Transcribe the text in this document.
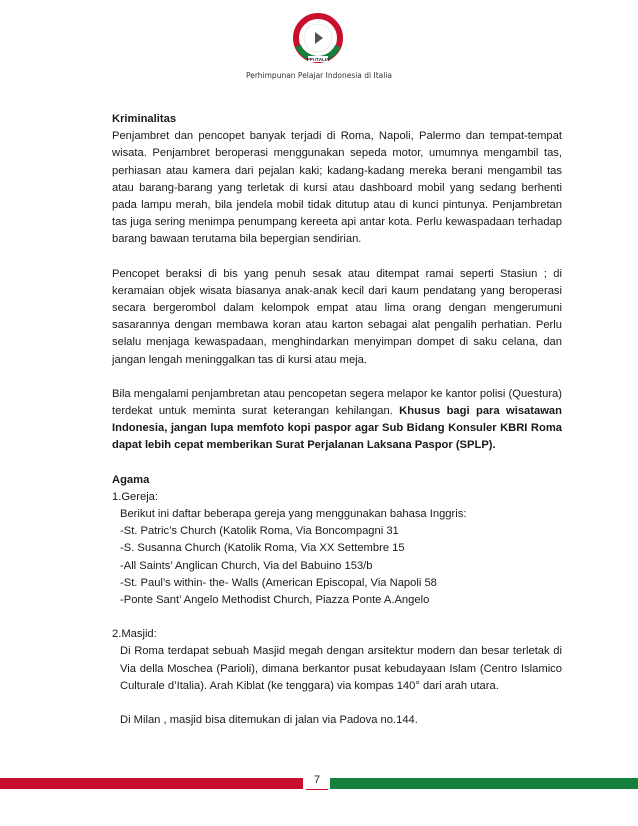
PPI ITALIA
Perhimpunan Pelajar Indonesia di Italia

Kriminalitas

Penjambret dan pencopet banyak terjadi di Roma, Napoli, Palermo dan tempat-tempat wisata. Penjambret beroperasi menggunakan sepeda motor, umumnya mengambil tas, perhiasan atau kamera dari pejalan kaki; kadang-kadang mereka berani mengambil tas atau barang-barang yang terletak di kursi atau dashboard mobil yang sedang berhenti pada lampu merah, bila jendela mobil tidak ditutup atau di kunci pintunya. Penjambretan tas juga sering menimpa penumpang kereeta api antar kota. Perlu kewaspadaan terhadap barang bawaan terutama bila bepergian sendirian.

Pencopet beraksi di bis yang penuh sesak atau ditempat ramai seperti Stasiun ; di keramaian objek wisata biasanya anak-anak kecil dari kaum pendatang yang beroperasi secara bergerombol dalam kelompok empat atau lima orang dengan mengerumuni sasarannya dengan membawa koran atau karton sebagai alat pengalih perhatian. Perlu selalu menjaga kewaspadaan, menghindarkan menyimpan dompet di saku celana, dan jangan lengah meninggalkan tas di kursi atau meja.

Bila mengalami penjambretan atau pencopetan segera melapor ke kantor polisi (Questura) terdekat untuk meminta surat keterangan kehilangan. Khusus bagi para wisatawan Indonesia, jangan lupa memfoto kopi paspor agar Sub Bidang Konsuler KBRI Roma dapat lebih cepat memberikan Surat Perjalanan Laksana Paspor (SPLP).

Agama

1.Gereja:

Berikut ini daftar beberapa gereja yang menggunakan bahasa Inggris:

-St. Patric’s Church (Katolik Roma, Via Boncompagni 31

-S. Susanna Church (Katolik Roma, Via XX Settembre 15

-All Saints’ Anglican Church, Via del Babuino 153/b

-St. Paul’s within- the- Walls (American Episcopal, Via Napoli 58

-Ponte Sant’ Angelo Methodist Church, Piazza Ponte A.Angelo

2.Masjid:

Di Roma terdapat sebuah Masjid megah dengan arsitektur modern dan besar terletak di Via della Moschea (Parioli), dimana berkantor pusat kebudayaan Islam (Centro Islamico Culturale d’Italia). Arah Kiblat (ke tenggara) via kompas 140° dari arah utara.

Di Milan , masjid bisa ditemukan di jalan via Padova no.144.

7
